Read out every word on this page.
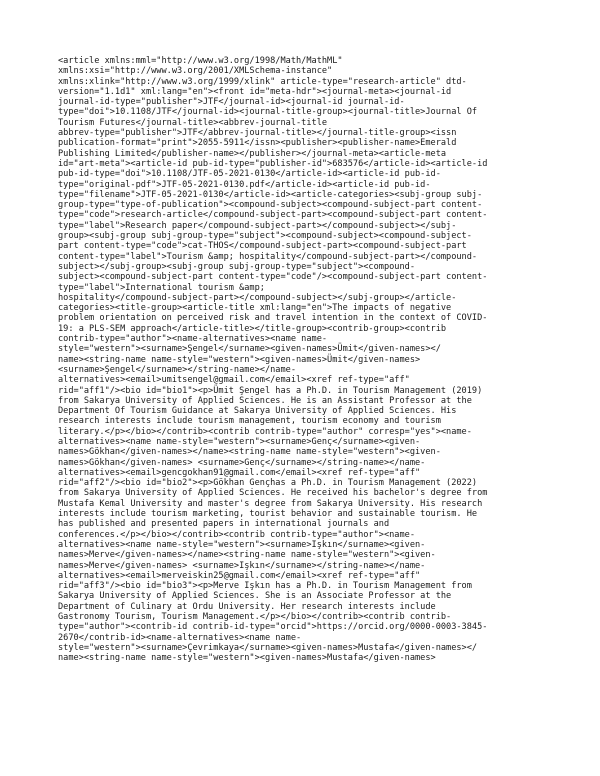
<article xmlns:mml="http://www.w3.org/1998/Math/MathML"
xmlns:xsi="http://www.w3.org/2001/XMLSchema-instance"
xmlns:xlink="http://www.w3.org/1999/xlink" article-type="research-article" dtd-
version="1.1d1" xml:lang="en"><front id="meta-hdr"><journal-meta><journal-id
journal-id-type="publisher">JTF</journal-id><journal-id journal-id-
type="doi">10.1108/JTF</journal-id><journal-title-group><journal-title>Journal Of
Tourism Futures</journal-title><abbrev-journal-title
abbrev-type="publisher">JTF</abbrev-journal-title></journal-title-group><issn
publication-format="print">2055-5911</issn><publisher><publisher-name>Emerald
Publishing Limited</publisher-name></publisher></journal-meta><article-meta
id="art-meta"><article-id pub-id-type="publisher-id">683576</article-id><article-id
pub-id-type="doi">10.1108/JTF-05-2021-0130</article-id><article-id pub-id-
type="original-pdf">JTF-05-2021-0130.pdf</article-id><article-id pub-id-
type="filename">JTF-05-2021-0130</article-id><article-categories><subj-group subj-
group-type="type-of-publication"><compound-subject><compound-subject-part content-
type="code">research-article</compound-subject-part><compound-subject-part content-
type="label">Research paper</compound-subject-part></compound-subject></subj-
group><subj-group subj-group-type="subject"><compound-subject><compound-subject-
part content-type="code">cat-THOS</compound-subject-part><compound-subject-part
content-type="label">Tourism &amp; hospitality</compound-subject-part></compound-
subject></subj-group><subj-group subj-group-type="subject"><compound-
subject><compound-subject-part content-type="code"/><compound-subject-part content-
type="label">International tourism &amp;
hospitality</compound-subject-part></compound-subject></subj-group></article-
categories><title-group><article-title xml:lang="en">The impacts of negative
problem orientation on perceived risk and travel intention in the context of COVID-
19: a PLS-SEM approach</article-title></title-group><contrib-group><contrib
contrib-type="author"><name-alternatives><name name-
style="western"><surname>Şengel</surname><given-names>Ümit</given-names></
name><string-name name-style="western"><given-names>Ümit</given-names>
<surname>Şengel</surname></string-name></name-
alternatives><email>umitsengel@gmail.com</email><xref ref-type="aff"
rid="aff1"/><bio id="bio1"><p>Ümit Şengel has a Ph.D. in Tourism Management (2019)
from Sakarya University of Applied Sciences. He is an Assistant Professor at the
Department Of Tourism Guidance at Sakarya University of Applied Sciences. His
research interests include tourism management, tourism economy and tourism
literary.</p></bio></contrib><contrib contrib-type="author" corresp="yes"><name-
alternatives><name name-style="western"><surname>Genç</surname><given-
names>Gökhan</given-names></name><string-name name-style="western"><given-
names>Gökhan</given-names> <surname>Genç</surname></string-name></name-
alternatives><email>gencgokhan91@gmail.com</email><xref ref-type="aff"
rid="aff2"/><bio id="bio2"><p>Gökhan Gençhas a Ph.D. in Tourism Management (2022)
from Sakarya University of Applied Sciences. He received his bachelor's degree from
Mustafa Kemal University and master's degree from Sakarya University. His research
interests include tourism marketing, tourist behavior and sustainable tourism. He
has published and presented papers in international journals and
conferences.</p></bio></contrib><contrib contrib-type="author"><name-
alternatives><name name-style="western"><surname>Işkın</surname><given-
names>Merve</given-names></name><string-name name-style="western"><given-
names>Merve</given-names> <surname>Işkın</surname></string-name></name-
alternatives><email>merveiskin25@gmail.com</email><xref ref-type="aff"
rid="aff3"/><bio id="bio3"><p>Merve Işkın has a Ph.D. in Tourism Management from
Sakarya University of Applied Sciences. She is an Associate Professor at the
Department of Culinary at Ordu University. Her research interests include
Gastronomy Tourism, Tourism Management.</p></bio></contrib><contrib contrib-
type="author"><contrib-id contrib-id-type="orcid">https://orcid.org/0000-0003-3845-
2670</contrib-id><name-alternatives><name name-
style="western"><surname>Çevrimkaya</surname><given-names>Mustafa</given-names></
name><string-name name-style="western"><given-names>Mustafa</given-names>
